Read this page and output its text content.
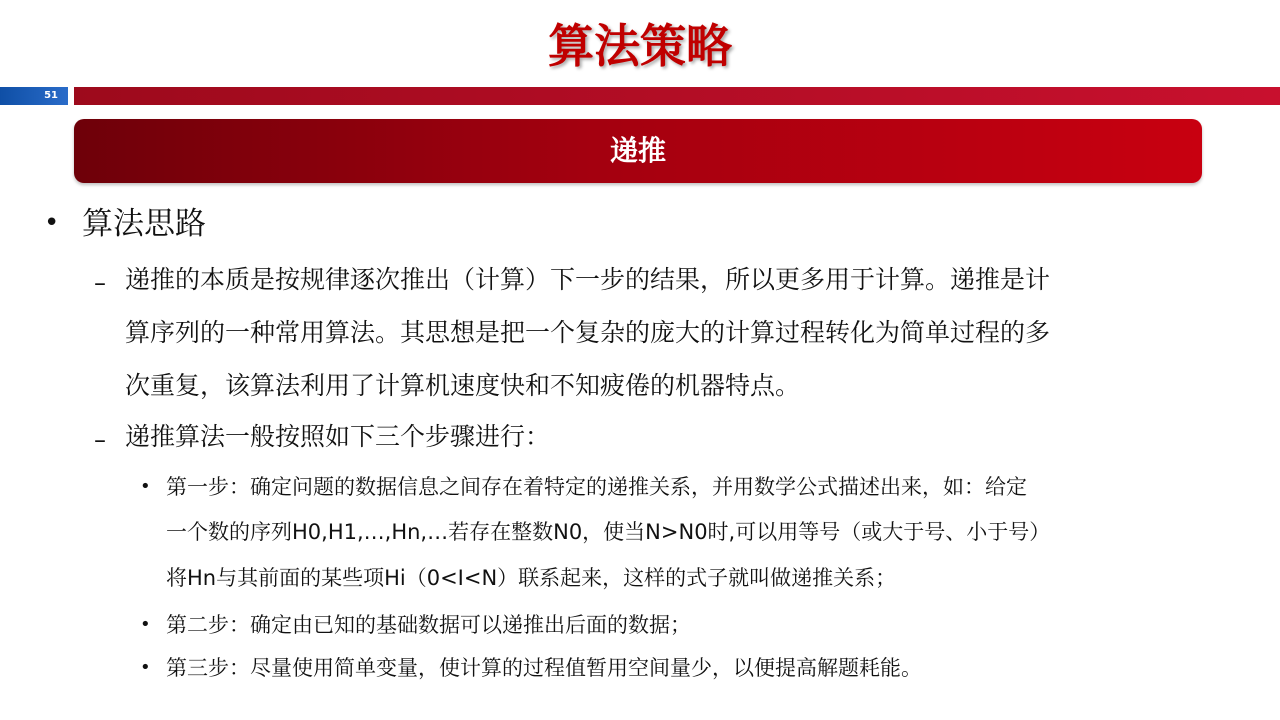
算法策略
51
递推
• 算法思路
– 递推的本质是按规律逐次推出（计算）下一步的结果，所以更多用于计算。递推是计
算序列的一种常用算法。其思想是把一个复杂的庞大的计算过程转化为简单过程的多
次重复，该算法利用了计算机速度快和不知疲倦的机器特点。
– 递推算法一般按照如下三个步骤进行：
• 第一步：确定问题的数据信息之间存在着特定的递推关系，并用数学公式描述出来，如：给定
一个数的序列H0,H1,…,Hn,…若存在整数N0，使当N>N0时,可以用等号（或大于号、小于号）
将Hn与其前面的某些项Hi（0<I<N）联系起来，这样的式子就叫做递推关系；
• 第二步：确定由已知的基础数据可以递推出后面的数据；
• 第三步：尽量使用简单变量，使计算的过程值暂用空间量少，以便提高解题耗能。
